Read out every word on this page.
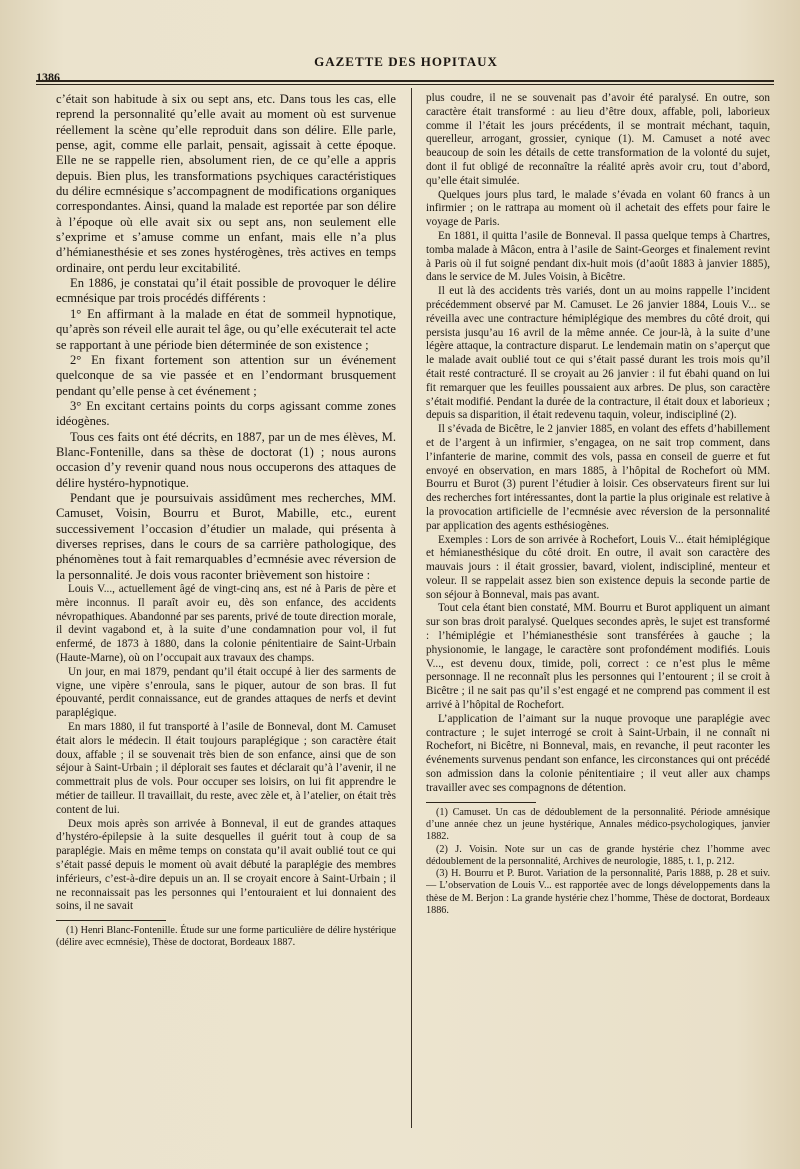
1386
GAZETTE DES HOPITAUX

c’était son habitude à six ou sept ans, etc. Dans tous les cas, elle reprend la personnalité qu’elle avait au moment où est survenue réellement la scène qu’elle reproduit dans son délire. Elle parle, pense, agit, comme elle parlait, pensait, agissait à cette époque. Elle ne se rappelle rien, absolument rien, de ce qu’elle a appris depuis. Bien plus, les transformations psychiques caractéristiques du délire ecmnésique s’accompagnent de modifications organiques correspondantes. Ainsi, quand la malade est reportée par son délire à l’époque où elle avait six ou sept ans, non seulement elle s’exprime et s’amuse comme un enfant, mais elle n’a plus d’hémianesthésie et ses zones hystérogènes, très actives en temps ordinaire, ont perdu leur excitabilité.

En 1886, je constatai qu’il était possible de provoquer le délire ecmnésique par trois procédés différents :

1° En affirmant à la malade en état de sommeil hypnotique, qu’après son réveil elle aurait tel âge, ou qu’elle exécuterait tel acte se rapportant à une période bien déterminée de son existence ;

2° En fixant fortement son attention sur un événement quelconque de sa vie passée et en l’endormant brusquement pendant qu’elle pense à cet événement ;

3° En excitant certains points du corps agissant comme zones idéogènes.

Tous ces faits ont été décrits, en 1887, par un de mes élèves, M. Blanc-Fontenille, dans sa thèse de doctorat (1) ; nous aurons occasion d’y revenir quand nous nous occuperons des attaques de délire hystéro-hypnotique.

Pendant que je poursuivais assidûment mes recherches, MM. Camuset, Voisin, Bourru et Burot, Mabille, etc., eurent successivement l’occasion d’étudier un malade, qui présenta à diverses reprises, dans le cours de sa carrière pathologique, des phénomènes tout à fait remarquables d’ecmnésie avec réversion de la personnalité. Je dois vous raconter brièvement son histoire :

Louis V..., actuellement âgé de vingt-cinq ans, est né à Paris de père et mère inconnus. Il paraît avoir eu, dès son enfance, des accidents névropathiques. Abandonné par ses parents, privé de toute direction morale, il devint vagabond et, à la suite d’une condamnation pour vol, il fut enfermé, de 1873 à 1880, dans la colonie pénitentiaire de Saint-Urbain (Haute-Marne), où on l’occupait aux travaux des champs.

Un jour, en mai 1879, pendant qu’il était occupé à lier des sarments de vigne, une vipère s’enroula, sans le piquer, autour de son bras. Il fut épouvanté, perdit connaissance, eut de grandes attaques de nerfs et devint paraplégique.

En mars 1880, il fut transporté à l’asile de Bonneval, dont M. Camuset était alors le médecin. Il était toujours paraplégique ; son caractère était doux, affable ; il se souvenait très bien de son enfance, ainsi que de son séjour à Saint-Urbain ; il déplorait ses fautes et déclarait qu’à l’avenir, il ne commettrait plus de vols. Pour occuper ses loisirs, on lui fit apprendre le métier de tailleur. Il travaillait, du reste, avec zèle et, à l’atelier, on était très content de lui.

Deux mois après son arrivée à Bonneval, il eut de grandes attaques d’hystéro-épilepsie à la suite desquelles il guérit tout à coup de sa paraplégie. Mais en même temps on constata qu’il avait oublié tout ce qui s’était passé depuis le moment où avait débuté la paraplégie des membres inférieurs, c’est-à-dire depuis un an. Il se croyait encore à Saint-Urbain ; il ne reconnaissait pas les personnes qui l’entouraient et lui donnaient des soins, il ne savait

(1) Henri Blanc-Fontenille. Étude sur une forme particulière de délire hystérique (délire avec ecmnésie), Thèse de doctorat, Bordeaux 1887.

plus coudre, il ne se souvenait pas d’avoir été paralysé. En outre, son caractère était transformé : au lieu d’être doux, affable, poli, laborieux comme il l’était les jours précédents, il se montrait méchant, taquin, querelleur, arrogant, grossier, cynique (1). M. Camuset a noté avec beaucoup de soin les détails de cette transformation de la volonté du sujet, dont il fut obligé de reconnaître la réalité après avoir cru, tout d’abord, qu’elle était simulée.

Quelques jours plus tard, le malade s’évada en volant 60 francs à un infirmier ; on le rattrapa au moment où il achetait des effets pour faire le voyage de Paris.

En 1881, il quitta l’asile de Bonneval. Il passa quelque temps à Chartres, tomba malade à Mâcon, entra à l’asile de Saint-Georges et finalement revint à Paris où il fut soigné pendant dix-huit mois (d’août 1883 à janvier 1885), dans le service de M. Jules Voisin, à Bicêtre.

Il eut là des accidents très variés, dont un au moins rappelle l’incident précédemment observé par M. Camuset. Le 26 janvier 1884, Louis V... se réveilla avec une contracture hémiplégique des membres du côté droit, qui persista jusqu’au 16 avril de la même année. Ce jour-là, à la suite d’une légère attaque, la contracture disparut. Le lendemain matin on s’aperçut que le malade avait oublié tout ce qui s’était passé durant les trois mois qu’il était resté contracturé. Il se croyait au 26 janvier : il fut ébahi quand on lui fit remarquer que les feuilles poussaient aux arbres. De plus, son caractère s’était modifié. Pendant la durée de la contracture, il était doux et laborieux ; depuis sa disparition, il était redevenu taquin, voleur, indiscipliné (2).

Il s’évada de Bicêtre, le 2 janvier 1885, en volant des effets d’habillement et de l’argent à un infirmier, s’engagea, on ne sait trop comment, dans l’infanterie de marine, commit des vols, passa en conseil de guerre et fut envoyé en observation, en mars 1885, à l’hôpital de Rochefort où MM. Bourru et Burot (3) purent l’étudier à loisir. Ces observateurs firent sur lui des recherches fort intéressantes, dont la partie la plus originale est relative à la provocation artificielle de l’ecmnésie avec réversion de la personnalité par application des agents esthésiogènes.

Exemples : Lors de son arrivée à Rochefort, Louis V... était hémiplégique et hémianesthésique du côté droit. En outre, il avait son caractère des mauvais jours : il était grossier, bavard, violent, indiscipliné, menteur et voleur. Il se rappelait assez bien son existence depuis la seconde partie de son séjour à Bonneval, mais pas avant.

Tout cela étant bien constaté, MM. Bourru et Burot appliquent un aimant sur son bras droit paralysé. Quelques secondes après, le sujet est transformé : l’hémiplégie et l’hémianesthésie sont transférées à gauche ; la physionomie, le langage, le caractère sont profondément modifiés. Louis V..., est devenu doux, timide, poli, correct : ce n’est plus le même personnage. Il ne reconnaît plus les personnes qui l’entourent ; il se croit à Bicêtre ; il ne sait pas qu’il s’est engagé et ne comprend pas comment il est arrivé à l’hôpital de Rochefort.

L’application de l’aimant sur la nuque provoque une paraplégie avec contracture ; le sujet interrogé se croit à Saint-Urbain, il ne connaît ni Rochefort, ni Bicêtre, ni Bonneval, mais, en revanche, il peut raconter les événements survenus pendant son enfance, les circonstances qui ont précédé son admission dans la colonie pénitentiaire ; il veut aller aux champs travailler avec ses compagnons de détention.

(1) Camuset. Un cas de dédoublement de la personnalité. Période amnésique d’une année chez un jeune hystérique, Annales médico-psychologiques, janvier 1882.

(2) J. Voisin. Note sur un cas de grande hystérie chez l’homme avec dédoublement de la personnalité, Archives de neurologie, 1885, t. 1, p. 212.

(3) H. Bourru et P. Burot. Variation de la personnalité, Paris 1888, p. 28 et suiv. — L’observation de Louis V... est rapportée avec de longs développements dans la thèse de M. Berjon : La grande hystérie chez l’homme, Thèse de doctorat, Bordeaux 1886.
